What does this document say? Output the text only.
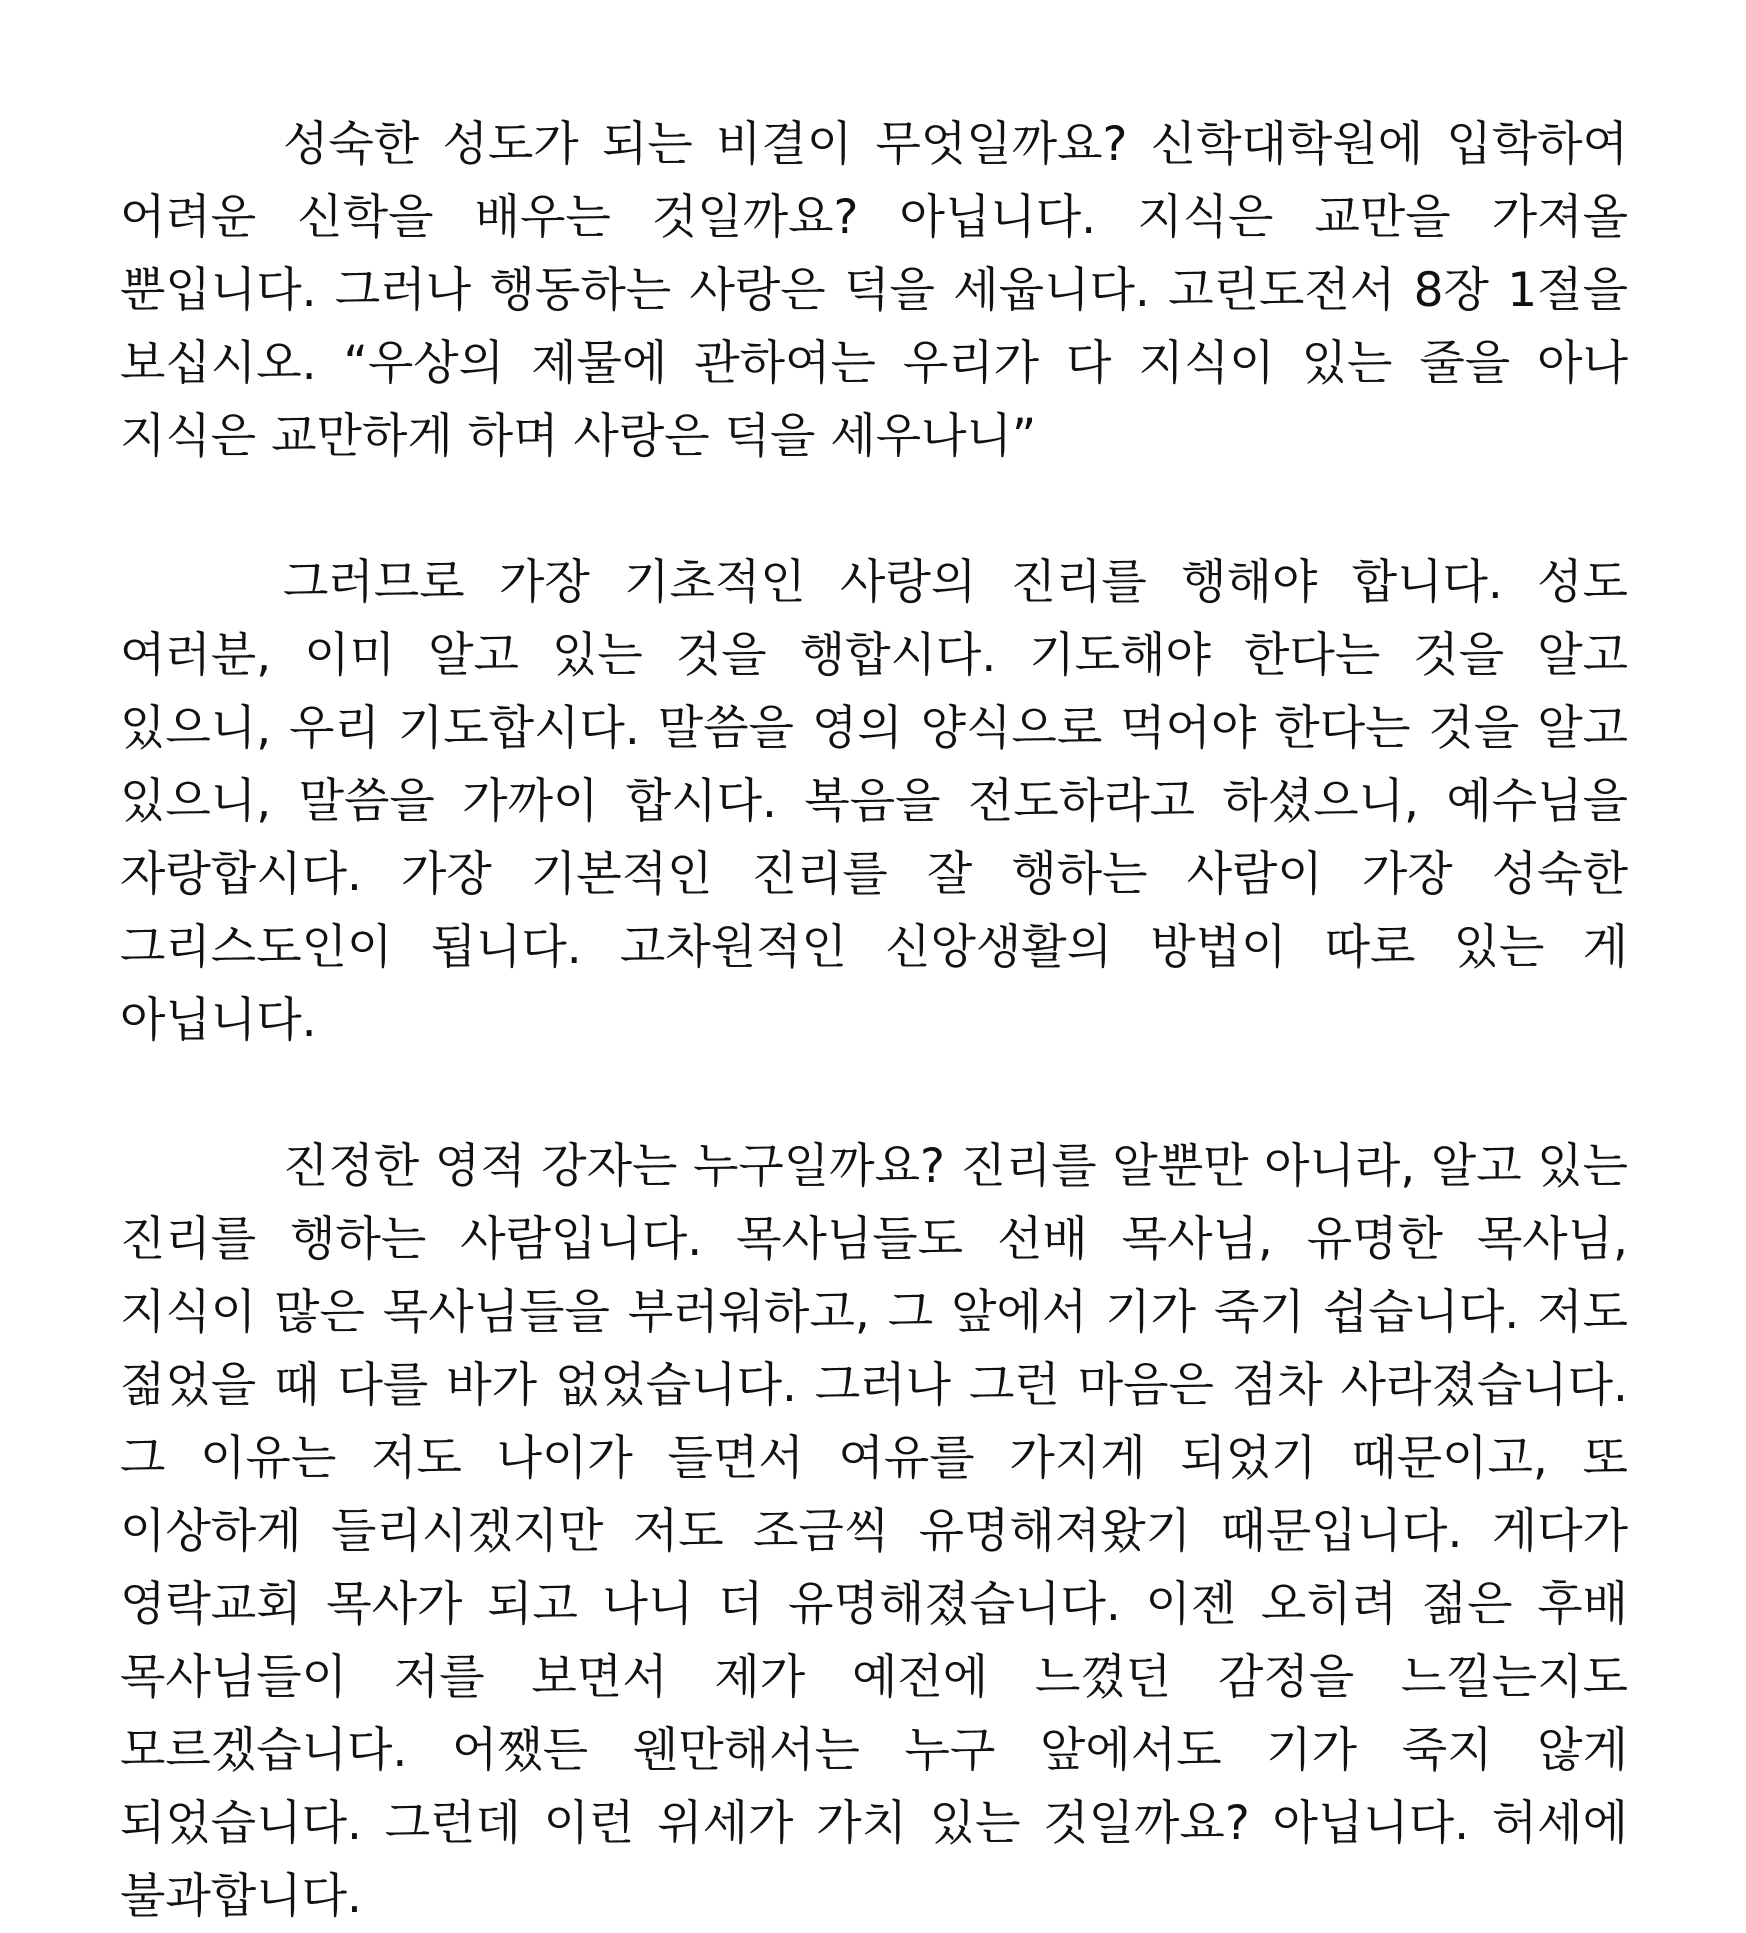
성숙한 성도가 되는 비결이 무엇일까요? 신학대학원에 입학하여 어려운 신학을 배우는 것일까요? 아닙니다. 지식은 교만을 가져올 뿐입니다. 그러나 행동하는 사랑은 덕을 세웁니다. 고린도전서 8장 1절을 보십시오. “우상의 제물에 관하여는 우리가 다 지식이 있는 줄을 아나 지식은 교만하게 하며 사랑은 덕을 세우나니”

그러므로 가장 기초적인 사랑의 진리를 행해야 합니다. 성도 여러분, 이미 알고 있는 것을 행합시다. 기도해야 한다는 것을 알고 있으니, 우리 기도합시다. 말씀을 영의 양식으로 먹어야 한다는 것을 알고 있으니, 말씀을 가까이 합시다. 복음을 전도하라고 하셨으니, 예수님을 자랑합시다. 가장 기본적인 진리를 잘 행하는 사람이 가장 성숙한 그리스도인이 됩니다. 고차원적인 신앙생활의 방법이 따로 있는 게 아닙니다.

진정한 영적 강자는 누구일까요? 진리를 알뿐만 아니라, 알고 있는 진리를 행하는 사람입니다. 목사님들도 선배 목사님, 유명한 목사님, 지식이 많은 목사님들을 부러워하고, 그 앞에서 기가 죽기 쉽습니다. 저도 젊었을 때 다를 바가 없었습니다. 그러나 그런 마음은 점차 사라졌습니다. 그 이유는 저도 나이가 들면서 여유를 가지게 되었기 때문이고, 또 이상하게 들리시겠지만 저도 조금씩 유명해져왔기 때문입니다. 게다가 영락교회 목사가 되고 나니 더 유명해졌습니다. 이젠 오히려 젊은 후배 목사님들이 저를 보면서 제가 예전에 느꼈던 감정을 느낄는지도 모르겠습니다. 어쨌든 웬만해서는 누구 앞에서도 기가 죽지 않게 되었습니다. 그런데 이런 위세가 가치 있는 것일까요? 아닙니다. 허세에 불과합니다.
